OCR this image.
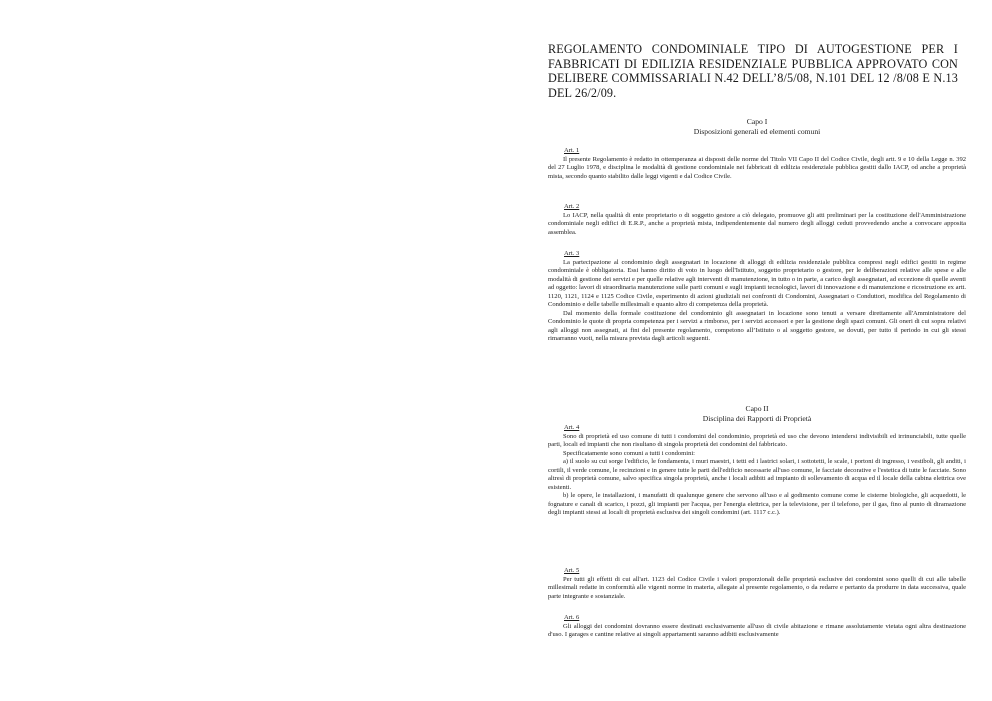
REGOLAMENTO CONDOMINIALE TIPO DI AUTOGESTIONE PER I FABBRICATI DI EDILIZIA RESIDENZIALE PUBBLICA APPROVATO CON DELIBERE COMMISSARIALI N.42 DELL’8/5/08, N.101 DEL 12 /8/08 E N.13 DEL 26/2/09.
Capo I
Disposizioni generali ed elementi comuni
Art. 1

Il presente Regolamento è redatto in ottemperanza ai disposti delle norme del Titolo VII Capo II del Codice Civile, degli artt. 9 e 10 della Legge n. 392 del 27 Luglio 1978, e disciplina le modalità di gestione condominiale nei fabbricati di edilizia residenziale pubblica gestiti dallo IACP, od anche a proprietà mista, secondo quanto stabilito dalle leggi vigenti e dal Codice Civile.

Art. 2

Lo IACP, nella qualità di ente proprietario o di soggetto gestore a ciò delegato, promuove gli atti preliminari per la costituzione dell'Amministrazione condominiale negli edifici di E.R.P., anche a proprietà mista, indipendentemente dal numero degli alloggi ceduti provvedendo anche a convocare apposita assemblea.

Art. 3

La partecipazione al condominio degli assegnatari in locazione di alloggi di edilizia residenziale pubblica compresi negli edifici gestiti in regime condominiale è obbligatoria. Essi hanno diritto di voto in luogo dell'Istituto, soggetto proprietario o gestore, per le deliberazioni relative alle spese e alle modalità di gestione dei servizi e per quelle relative agli interventi di manutenzione, in tutto o in parte, a carico degli assegnatari, ad eccezione di quelle aventi ad oggetto: lavori di straordinaria manutenzione sulle parti comuni e sugli impianti tecnologici, lavori di innovazione e di manutenzione e ricostruzione ex artt. 1120, 1121, 1124 e 1125 Codice Civile, esperimento di azioni giudiziali nei confronti di Condomini, Assegnatari o Conduttori, modifica del Regolamento di Condominio e delle tabelle millesimali e quanto altro di competenza della proprietà.

Dal momento della formale costituzione del condominio gli assegnatari in locazione sono tenuti a versare direttamente all'Amministratore del Condominio le quote di propria competenza per i servizi a rimborso, per i servizi accessori e per la gestione degli spazi comuni. Gli oneri di cui sopra relativi agli alloggi non assegnati, ai fini del presente regolamento, competono all’Istituto o al soggetto gestore, se dovuti, per tutto il periodo in cui gli stessi rimarranno vuoti, nella misura prevista dagli articoli seguenti.

Capo II
Disciplina dei Rapporti di Proprietà
Art. 4

Sono di proprietà ed uso comune di tutti i condomini del condominio, proprietà ed uso che devono intendersi indivisibili ed irrinunciabili, tutte quelle parti, locali ed impianti che non risultano di singola proprietà dei condomini del fabbricato.

Specificatamente sono comuni a tutti i condomini:

a) il suolo su cui sorge l'edificio, le fondamenta, i muri maestri, i tetti ed i lastrici solari, i sottotetti, le scale, i portoni di ingresso, i vestiboli, gli anditi, i cortili, il verde comune, le recinzioni e in genere tutte le parti dell'edificio necessarie all'uso comune, le facciate decorative e l'estetica di tutte le facciate. Sono altresì di proprietà comune, salvo specifica singola proprietà, anche i locali adibiti ad impianto di sollevamento di acqua ed il locale della cabina elettrica ove esistenti.

b) le opere, le installazioni, i manufatti di qualunque genere che servono all'uso e al godimento comune come le cisterne biologiche, gli acquedotti, le fognature e canali di scarico, i pozzi, gli impianti per l'acqua, per l'energia elettrica, per la televisione, per il telefono, per il gas, fino al punto di diramazione degli impianti stessi ai locali di proprietà esclusiva dei singoli condomini (art. 1117 c.c.).

Art. 5

Per tutti gli effetti di cui all'art. 1123 del Codice Civile i valori proporzionali delle proprietà esclusive dei condomini sono quelli di cui alle tabelle millesimali redatte in conformità alle vigenti norme in materia, allegate al presente regolamento, o da redarre e pertanto da produrre in data successiva, quale parte integrante e sostanziale.

Art. 6

Gli alloggi dei condomini dovranno essere destinati esclusivamente all'uso di civile abitazione e rimane assolutamente vietata ogni altra destinazione d'uso. I garages e cantine relative ai singoli appartamenti saranno adibiti esclusivamente
